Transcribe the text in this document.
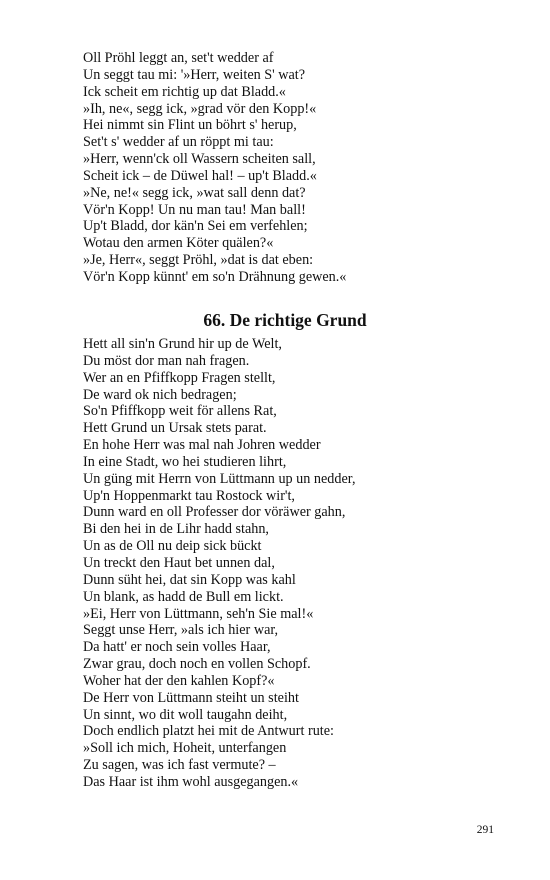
Oll Pröhl leggt an, set't wedder af
Un seggt tau mi: '»Herr, weiten S' wat?
Ick scheit em richtig up dat Bladd.«
»Ih, ne«, segg ick, »grad vör den Kopp!«
Hei nimmt sin Flint un böhrt s' herup,
Set't s' wedder af un röppt mi tau:
»Herr, wenn'ck oll Wassern scheiten sall,
Scheit ick – de Düwel hal! – up't Bladd.«
»Ne, ne!« segg ick, »wat sall denn dat?
Vör'n Kopp! Un nu man tau! Man ball!
Up't Bladd, dor kän'n Sei em verfehlen;
Wotau den armen Köter quälen?«
»Je, Herr«, seggt Pröhl, »dat is dat eben:
Vör'n Kopp künnt' em so'n Drähnung gewen.«
66. De richtige Grund
Hett all sin'n Grund hir up de Welt,
Du möst dor man nah fragen.
Wer an en Pfiffkopp Fragen stellt,
De ward ok nich bedragen;
So'n Pfiffkopp weit för allens Rat,
Hett Grund un Ursak stets parat.
En hohe Herr was mal nah Johren wedder
In eine Stadt, wo hei studieren lihrt,
Un güng mit Herrn von Lüttmann up un nedder,
Up'n Hoppenmarkt tau Rostock wir't,
Dunn ward en oll Professer dor vöräwer gahn,
Bi den hei in de Lihr hadd stahn,
Un as de Oll nu deip sick bückt
Un treckt den Haut bet unnen dal,
Dunn süht hei, dat sin Kopp was kahl
Un blank, as hadd de Bull em lickt.
»Ei, Herr von Lüttmann, seh'n Sie mal!«
Seggt unse Herr, »als ich hier war,
Da hatt' er noch sein volles Haar,
Zwar grau, doch noch en vollen Schopf.
Woher hat der den kahlen Kopf?«
De Herr von Lüttmann steiht un steiht
Un sinnt, wo dit woll taugahn deiht,
Doch endlich platzt hei mit de Antwurt rute:
»Soll ich mich, Hoheit, unterfangen
Zu sagen, was ich fast vermute? –
Das Haar ist ihm wohl ausgegangen.«
291
